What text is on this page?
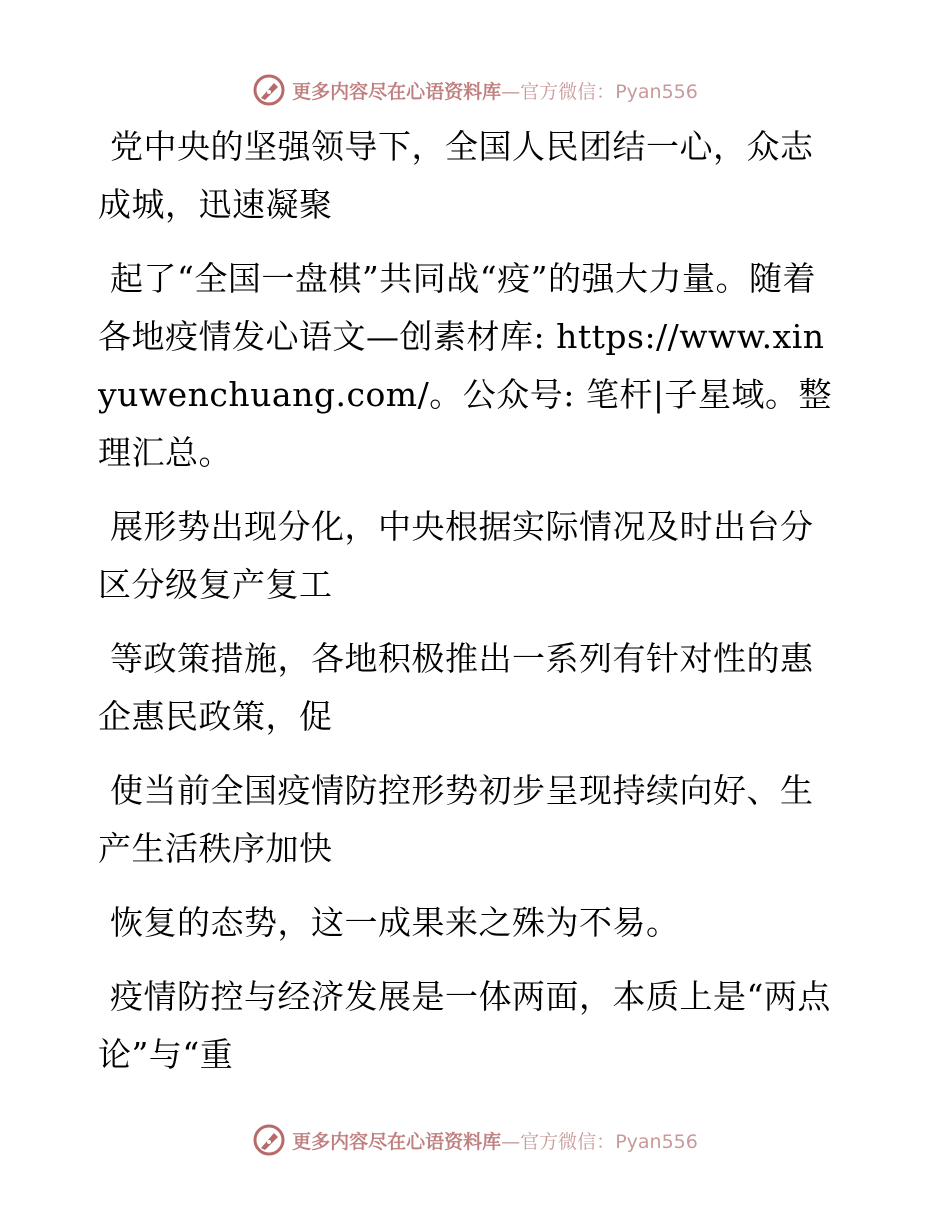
更多内容尽在心语资料库—官方微信：Pyan556

党中央的坚强领导下，全国人民团结一心，众志成城，迅速凝聚

起了“全国一盘棋”共同战“疫”的强大力量。随着各地疫情发心语文—创素材库: https://www.xinyuwenchuang.com/。公众号: 笔杆|子星域。整理汇总。

展形势出现分化，中央根据实际情况及时出台分区分级复产复工

等政策措施，各地积极推出一系列有针对性的惠企惠民政策，促

使当前全国疫情防控形势初步呈现持续向好、生产生活秩序加快

恢复的态势，这一成果来之殊为不易。

疫情防控与经济发展是一体两面，本质上是“两点论”与“重

更多内容尽在心语资料库—官方微信：Pyan556
